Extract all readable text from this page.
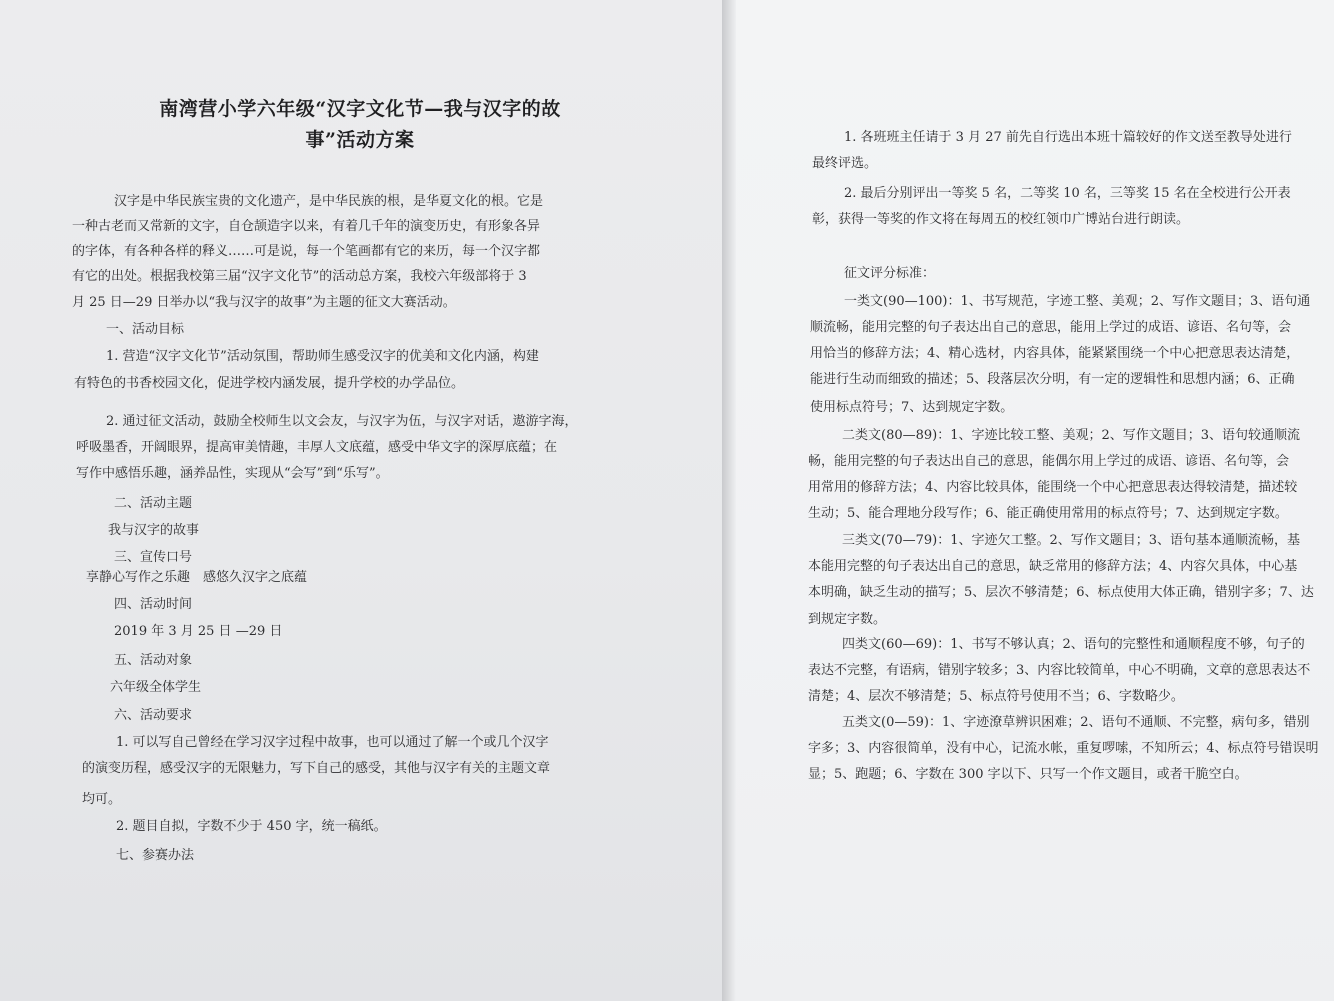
南湾营小学六年级“汉字文化节—我与汉字的故
事”活动方案
汉字是中华民族宝贵的文化遗产，是中华民族的根，是华夏文化的根。它是
一种古老而又常新的文字，自仓颉造字以来，有着几千年的演变历史，有形象各异
的字体，有各种各样的释义……可是说，每一个笔画都有它的来历，每一个汉字都
有它的出处。根据我校第三届“汉字文化节”的活动总方案，我校六年级部将于 3
月 25 日—29 日举办以“我与汉字的故事”为主题的征文大赛活动。
一、活动目标
1. 营造“汉字文化节”活动氛围，帮助师生感受汉字的优美和文化内涵，构建
有特色的书香校园文化，促进学校内涵发展，提升学校的办学品位。
2. 通过征文活动，鼓励全校师生以文会友，与汉字为伍，与汉字对话，遨游字海，
呼吸墨香，开阔眼界，提高审美情趣，丰厚人文底蕴，感受中华文字的深厚底蕴；在
写作中感悟乐趣，涵养品性，实现从“会写”到“乐写”。
二、活动主题
我与汉字的故事
三、宣传口号
享静心写作之乐趣　感悠久汉字之底蕴
四、活动时间
2019 年 3 月 25 日 —29 日
五、活动对象
六年级全体学生
六、活动要求
1. 可以写自己曾经在学习汉字过程中故事，也可以通过了解一个或几个汉字
的演变历程，感受汉字的无限魅力，写下自己的感受，其他与汉字有关的主题文章
均可。
2. 题目自拟，字数不少于 450 字，统一稿纸。
七、参赛办法
1. 各班班主任请于 3 月 27 前先自行选出本班十篇较好的作文送至教导处进行
最终评选。
2. 最后分别评出一等奖 5 名，二等奖 10 名，三等奖 15 名在全校进行公开表
彰，获得一等奖的作文将在每周五的校红领巾广博站台进行朗读。
征文评分标准：
一类文(90—100)：1、书写规范，字迹工整、美观；2、写作文题目；3、语句通
顺流畅，能用完整的句子表达出自己的意思，能用上学过的成语、谚语、名句等，会
用恰当的修辞方法；4、精心选材，内容具体，能紧紧围绕一个中心把意思表达清楚，
能进行生动而细致的描述；5、段落层次分明，有一定的逻辑性和思想内涵；6、正确
使用标点符号；7、达到规定字数。
二类文(80—89)：1、字迹比较工整、美观；2、写作文题目；3、语句较通顺流
畅，能用完整的句子表达出自己的意思，能偶尔用上学过的成语、谚语、名句等，会
用常用的修辞方法；4、内容比较具体，能围绕一个中心把意思表达得较清楚，描述较
生动；5、能合理地分段写作；6、能正确使用常用的标点符号；7、达到规定字数。
三类文(70—79)：1、字迹欠工整。2、写作文题目；3、语句基本通顺流畅，基
本能用完整的句子表达出自己的意思，缺乏常用的修辞方法；4、内容欠具体，中心基
本明确，缺乏生动的描写；5、层次不够清楚；6、标点使用大体正确，错别字多；7、达
到规定字数。
四类文(60—69)：1、书写不够认真；2、语句的完整性和通顺程度不够，句子的
表达不完整，有语病，错别字较多；3、内容比较简单，中心不明确，文章的意思表达不
清楚；4、层次不够清楚；5、标点符号使用不当；6、字数略少。
五类文(0—59)：1、字迹潦草辨识困难；2、语句不通顺、不完整，病句多，错别
字多；3、内容很简单，没有中心，记流水帐，重复啰嗦，不知所云；4、标点符号错误明
显；5、跑题；6、字数在 300 字以下、只写一个作文题目，或者干脆空白。
